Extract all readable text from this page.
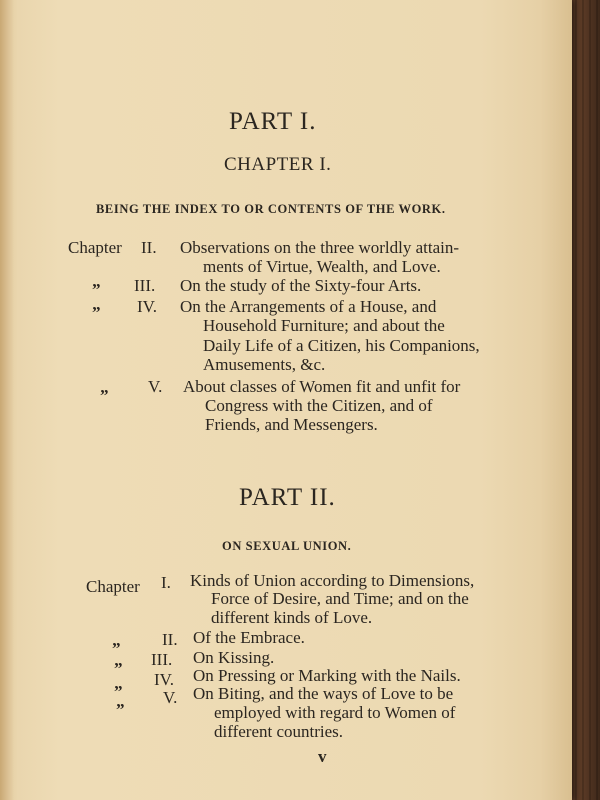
PART I.
CHAPTER I.
BEING THE INDEX TO OR CONTENTS OF THE WORK.
Chapter II. Observations on the three worldly attain-
ments of Virtue, Wealth, and Love.
” III. On the study of the Sixty-four Arts.
” IV. On the Arrangements of a House, and
Household Furniture; and about the
Daily Life of a Citizen, his Companions,
Amusements, &c.
” V. About classes of Women fit and unfit for
Congress with the Citizen, and of
Friends, and Messengers.
PART II.
ON SEXUAL UNION.
Chapter I. Kinds of Union according to Dimensions,
Force of Desire, and Time; and on the
different kinds of Love.
” II. Of the Embrace.
” III. On Kissing.
”
IV. On Pressing or Marking with the Nails.
”
V. On Biting, and the ways of Love to be
employed with regard to Women of
different countries.
v
